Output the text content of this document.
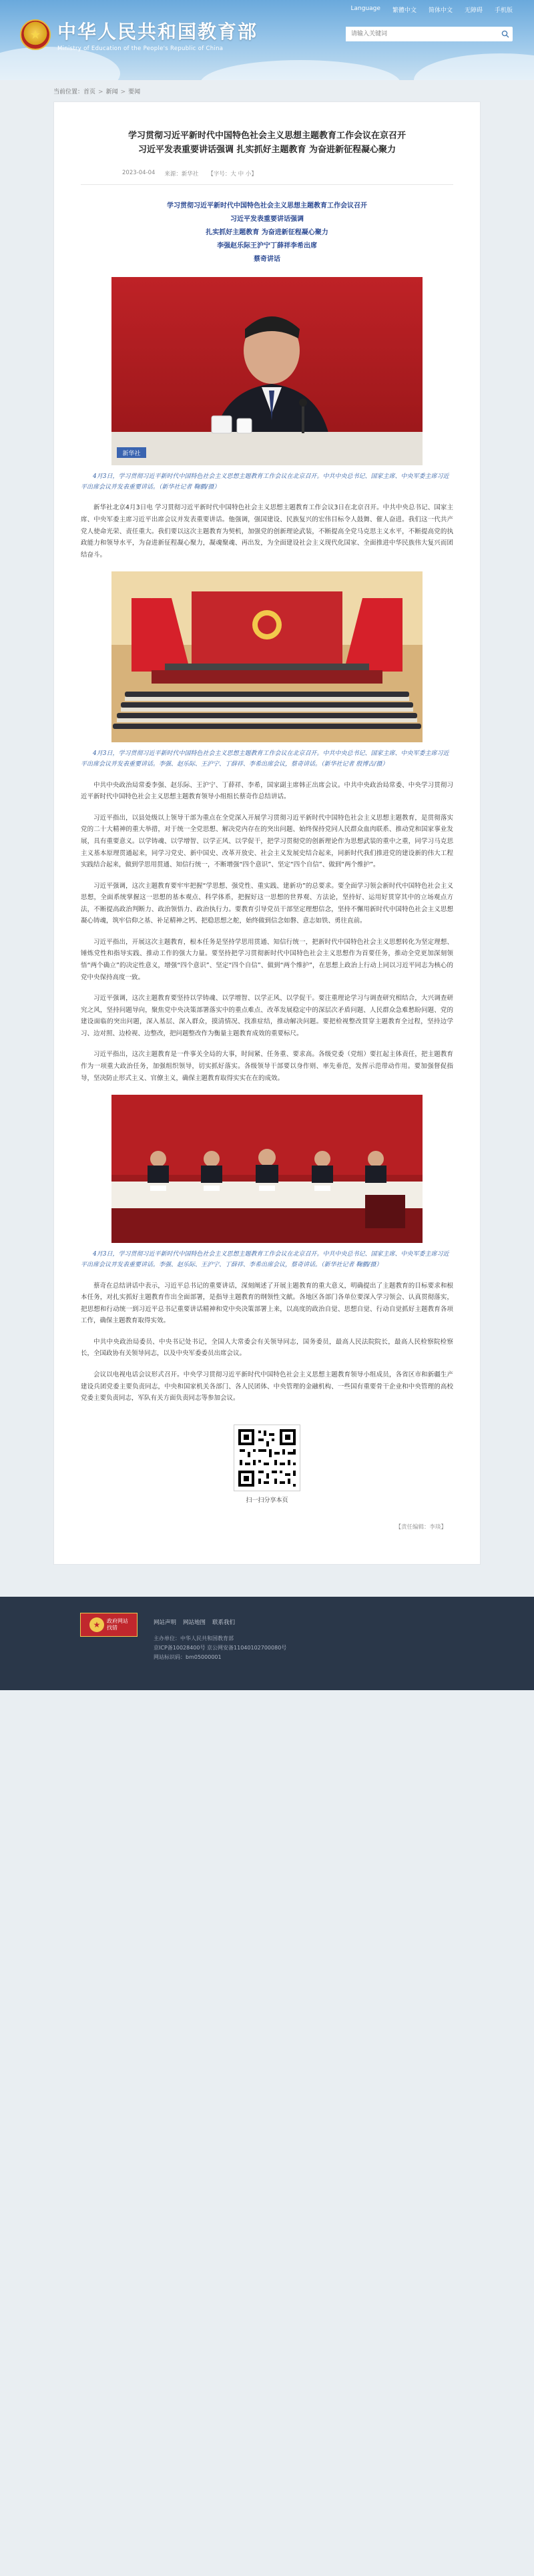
★ 中华人民共和国教育部
Ministry of Education of the People's Republic of China
Language 繁體中文 简体中文 无障碍 手机版
请输入关键词
当前位置：首页 > 新闻 > 要闻
学习贯彻习近平新时代中国特色社会主义思想主题教育工作会议在京召开
习近平发表重要讲话强调 扎实抓好主题教育 为奋进新征程凝心聚力
2023-04-04 来源：新华社 【字号：大 中 小】
学习贯彻习近平新时代中国特色社会主义思想主题教育工作会议召开
习近平发表重要讲话强调
扎实抓好主题教育 为奋进新征程凝心聚力
李强赵乐际王沪宁丁薛祥李希出席
蔡奇讲话
新华社

4月3日，学习贯彻习近平新时代中国特色社会主义思想主题教育工作会议在北京召开。中共中央总书记、国家主席、中央军委主席习近平出席会议并发表重要讲话。（新华社记者 鞠鹏/摄）

新华社北京4月3日电 学习贯彻习近平新时代中国特色社会主义思想主题教育工作会议3日在北京召开。中共中央总书记、国家主席、中央军委主席习近平出席会议并发表重要讲话。他强调，强国建设、民族复兴的宏伟目标令人鼓舞、催人奋进。我们这一代共产党人使命光荣、责任重大。我们要以这次主题教育为契机，加强党的创新理论武装，不断提高全党马克思主义水平，不断提高党的执政能力和领导水平，为奋进新征程凝心聚力，凝魂聚魂、再出发，为全面建设社会主义现代化国家、全面推进中华民族伟大复兴而团结奋斗。

4月3日，学习贯彻习近平新时代中国特色社会主义思想主题教育工作会议在北京召开。中共中央总书记、国家主席、中央军委主席习近平出席会议并发表重要讲话。李强、赵乐际、王沪宁、丁薛祥、李希出席会议，蔡奇讲话。（新华社记者 殷博古/摄）

中共中央政治局常委李强、赵乐际、王沪宁、丁薛祥、李希，国家副主席韩正出席会议。中共中央政治局常委、中央学习贯彻习近平新时代中国特色社会主义思想主题教育领导小组组长蔡奇作总结讲话。

习近平指出，以县处级以上领导干部为重点在全党深入开展学习贯彻习近平新时代中国特色社会主义思想主题教育，是贯彻落实党的二十大精神的重大举措，对于统一全党思想、解决党内存在的突出问题、始终保持党同人民群众血肉联系、推动党和国家事业发展，具有重要意义。以学铸魂、以学增智、以学正风、以学促干，把学习贯彻党的创新理论作为思想武装的重中之重，同学习马克思主义基本原理贯通起来，同学习党史、新中国史、改革开放史、社会主义发展史结合起来，同新时代我们推进党的建设新的伟大工程实践结合起来，做到学思用贯通、知信行统一，不断增强“四个意识”、坚定“四个自信”、做到“两个维护”。

习近平强调，这次主题教育要牢牢把握“学思想、强党性、重实践、建新功”的总要求。要全面学习领会新时代中国特色社会主义思想，全面系统掌握这一思想的基本观点、科学体系，把握好这一思想的世界观、方法论，坚持好、运用好贯穿其中的立场观点方法，不断提高政治判断力、政治领悟力、政治执行力。要教育引导党员干部坚定理想信念，坚持不懈用新时代中国特色社会主义思想凝心铸魂，筑牢信仰之基、补足精神之钙、把稳思想之舵，始终做到信念如磐、意志如铁、勇往直前。

习近平指出，开展这次主题教育，根本任务是坚持学思用贯通、知信行统一，把新时代中国特色社会主义思想转化为坚定理想、锤炼党性和指导实践、推动工作的强大力量。要坚持把学习贯彻新时代中国特色社会主义思想作为首要任务，推动全党更加深刻领悟“两个确立”的决定性意义，增强“四个意识”、坚定“四个自信”、做到“两个维护”，在思想上政治上行动上同以习近平同志为核心的党中央保持高度一致。

习近平强调，这次主题教育要坚持以学铸魂、以学增智、以学正风、以学促干。要注重理论学习与调查研究相结合，大兴调查研究之风，坚持问题导向，聚焦党中央决策部署落实中的重点难点、改革发展稳定中的深层次矛盾问题、人民群众急难愁盼问题、党的建设面临的突出问题，深入基层、深入群众，摸清情况、找准症结，推动解决问题。要把检视整改贯穿主题教育全过程，坚持边学习、边对照、边检视、边整改，把问题整改作为衡量主题教育成效的重要标尺。

习近平指出，这次主题教育是一件事关全局的大事，时间紧、任务重、要求高。各级党委（党组）要扛起主体责任，把主题教育作为一项重大政治任务，加强组织领导，切实抓好落实。各级领导干部要以身作则、率先垂范，发挥示范带动作用。要加强督促指导，坚决防止形式主义、官僚主义，确保主题教育取得实实在在的成效。

4月3日，学习贯彻习近平新时代中国特色社会主义思想主题教育工作会议在北京召开。中共中央总书记、国家主席、中央军委主席习近平出席会议并发表重要讲话。李强、赵乐际、王沪宁、丁薛祥、李希出席会议，蔡奇讲话。（新华社记者 鞠鹏/摄）

蔡奇在总结讲话中表示，习近平总书记的重要讲话，深刻阐述了开展主题教育的重大意义，明确提出了主题教育的目标要求和根本任务，对扎实抓好主题教育作出全面部署，是指导主题教育的纲领性文献。各地区各部门各单位要深入学习领会、认真贯彻落实，把思想和行动统一到习近平总书记重要讲话精神和党中央决策部署上来，以高度的政治自觉、思想自觉、行动自觉抓好主题教育各项工作，确保主题教育取得实效。

中共中央政治局委员、中央书记处书记，全国人大常委会有关领导同志，国务委员，最高人民法院院长，最高人民检察院检察长，全国政协有关领导同志，以及中央军委委员出席会议。

会议以电视电话会议形式召开。中央学习贯彻习近平新时代中国特色社会主义思想主题教育领导小组成员，各省区市和新疆生产建设兵团党委主要负责同志，中央和国家机关各部门、各人民团体、中央管理的金融机构、一些国有重要骨干企业和中央管理的高校党委主要负责同志，军队有关方面负责同志等参加会议。

扫一扫分享本页
【责任编辑：李琰】
★	政府网站
找错
网站声明 网站地图 联系我们
主办单位：中华人民共和国教育部
京ICP备10028400号 京公网安备11040102700080号
网站标识码：bm05000001
